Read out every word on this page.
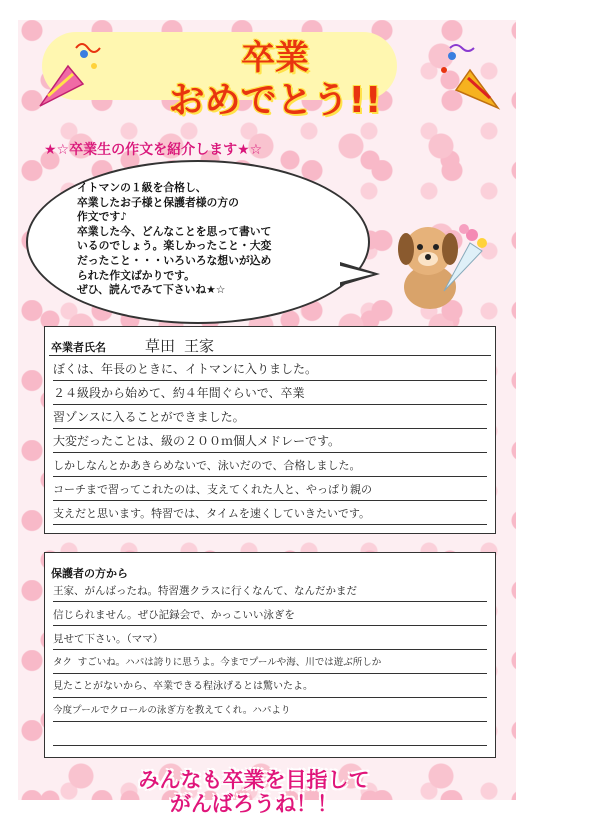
卒業
おめでとう!!
★☆卒業生の作文を紹介します★☆
イトマンの１級を合格し、
卒業したお子様と保護者様の方の
作文です♪
卒業した今、どんなことを思って書いて
いるのでしょう。楽しかったこと・大変
だったこと・・・いろいろな想いが込め
られた作文ばかりです。
ぜひ、読んでみて下さいね★☆
卒業者氏名	草田 王家
ぼくは、年長のときに、イトマンに入りました。
２４級段から始めて、約４年間ぐらいで、卒業
習ゾンスに入ることができました。
大変だったことは、級の２００ｍ個人メドレーです。
しかしなんとかあきらめないで、泳いだので、合格しました。
コーチまで習ってこれたのは、支えてくれた人と、やっぱり親の
支えだと思います。特習では、タイムを速くしていきたいです。
保護者の方から
王家、がんばったね。特習選クラスに行くなんて、なんだかまだ
信じられません。ぜひ記録会で、かっこいい泳ぎを
見せて下さい。（ママ）
タク すごいね。ハパは誇りに思うよ。今までプールや海、川では遊ぶ所しか
見たことがないから、卒業できる程泳げるとは驚いたよ。
今度プールでクロールの泳ぎ方を教えてくれ。ハパより
みんなも卒業を目指して
がんばろうね！！
